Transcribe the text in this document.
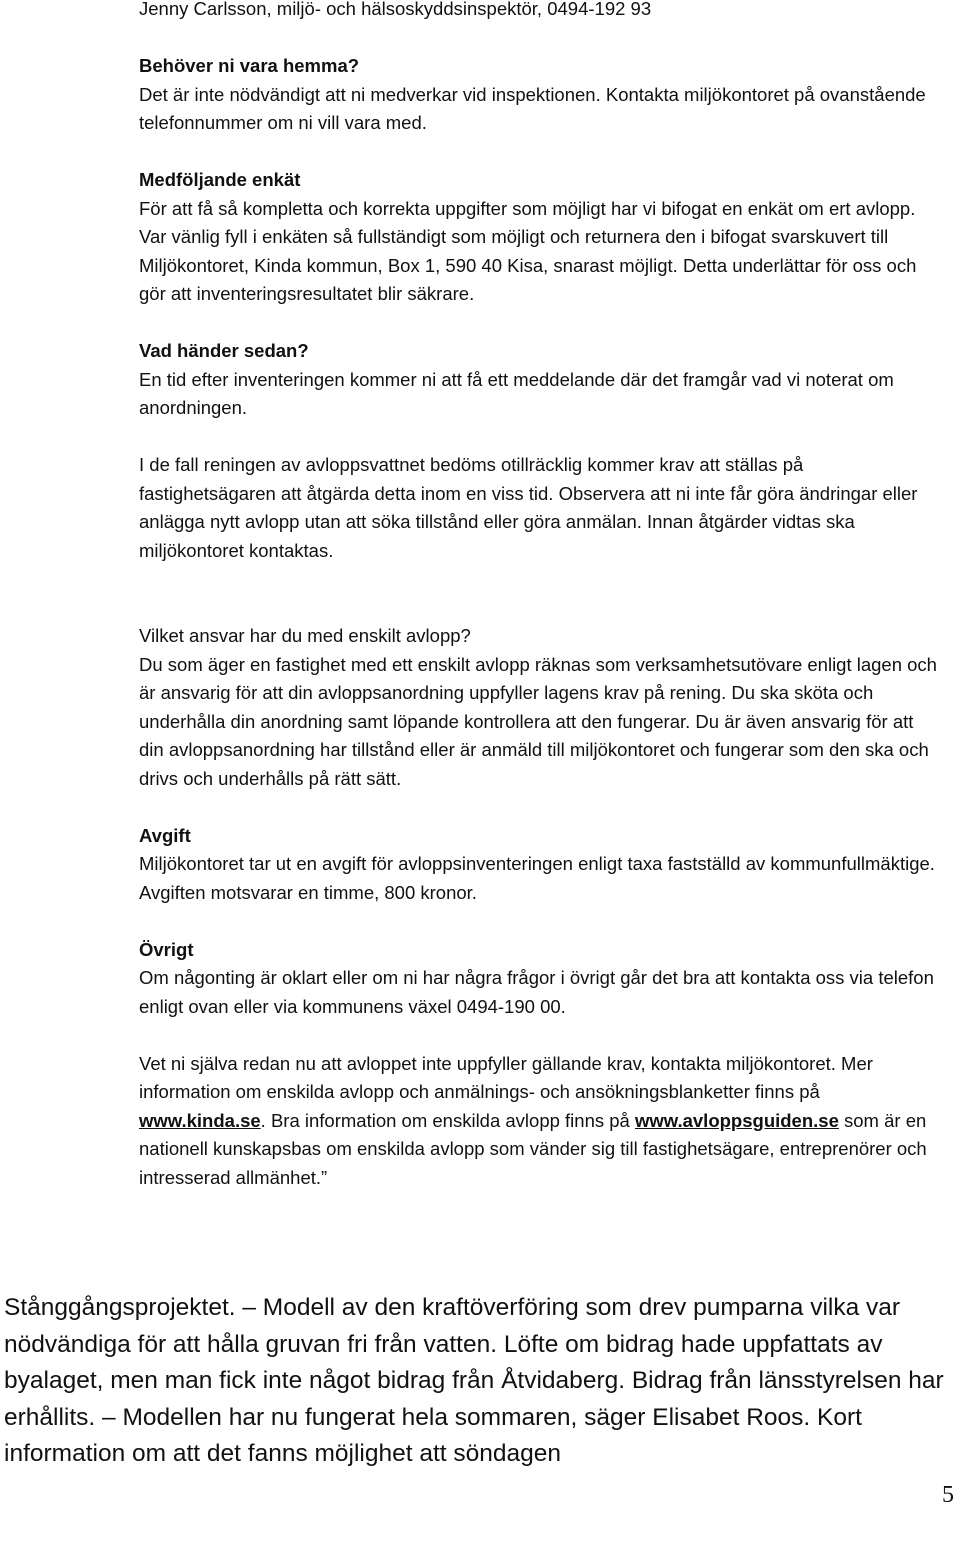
Jenny Carlsson, miljö- och hälsoskyddsinspektör, 0494-192 93

Behöver ni vara hemma?

Det är inte nödvändigt att ni medverkar vid inspektionen. Kontakta miljökontoret på ovanstående telefonnummer om ni vill vara med.

Medföljande enkät

För att få så kompletta och korrekta uppgifter som möjligt har vi bifogat en enkät om ert avlopp. Var vänlig fyll i enkäten så fullständigt som möjligt och returnera den i bifogat svarskuvert till Miljökontoret, Kinda kommun, Box 1, 590 40 Kisa, snarast möjligt. Detta underlättar för oss och gör att inventeringsresultatet blir säkrare.

Vad händer sedan?

En tid efter inventeringen kommer ni att få ett meddelande där det framgår vad vi noterat om anordningen.

I de fall reningen av avloppsvattnet bedöms otillräcklig kommer krav att ställas på fastighetsägaren att åtgärda detta inom en viss tid. Observera att ni inte får göra ändringar eller anlägga nytt avlopp utan att söka tillstånd eller göra anmälan. Innan åtgärder vidtas ska miljökontoret kontaktas.

Vilket ansvar har du med enskilt avlopp?

Du som äger en fastighet med ett enskilt avlopp räknas som verksamhetsutövare enligt lagen och är ansvarig för att din avloppsanordning uppfyller lagens krav på rening. Du ska sköta och underhålla din anordning samt löpande kontrollera att den fungerar. Du är även ansvarig för att din avloppsanordning har tillstånd eller är anmäld till miljökontoret och fungerar som den ska och drivs och underhålls på rätt sätt.

Avgift

Miljökontoret tar ut en avgift för avloppsinventeringen enligt taxa fastställd av kommunfullmäktige. Avgiften motsvarar en timme, 800 kronor.

Övrigt

Om någonting är oklart eller om ni har några frågor i övrigt går det bra att kontakta oss via telefon enligt ovan eller via kommunens växel 0494-190 00.

Vet ni själva redan nu att avloppet inte uppfyller gällande krav, kontakta miljökontoret. Mer information om enskilda avlopp och anmälnings- och ansökningsblanketter finns på www.kinda.se. Bra information om enskilda avlopp finns på www.avloppsguiden.se som är en nationell kunskapsbas om enskilda avlopp som vänder sig till fastighetsägare, entreprenörer och intresserad allmänhet.”

Stånggångsprojektet. – Modell av den kraftöverföring som drev pumparna vilka var nödvändiga för att hålla gruvan fri från vatten. Löfte om bidrag hade uppfattats av byalaget, men man fick inte något bidrag från Åtvidaberg. Bidrag från länsstyrelsen har erhållits. – Modellen har nu fungerat hela sommaren, säger Elisabet Roos. Kort information om att det fanns möjlighet att söndagen

5
